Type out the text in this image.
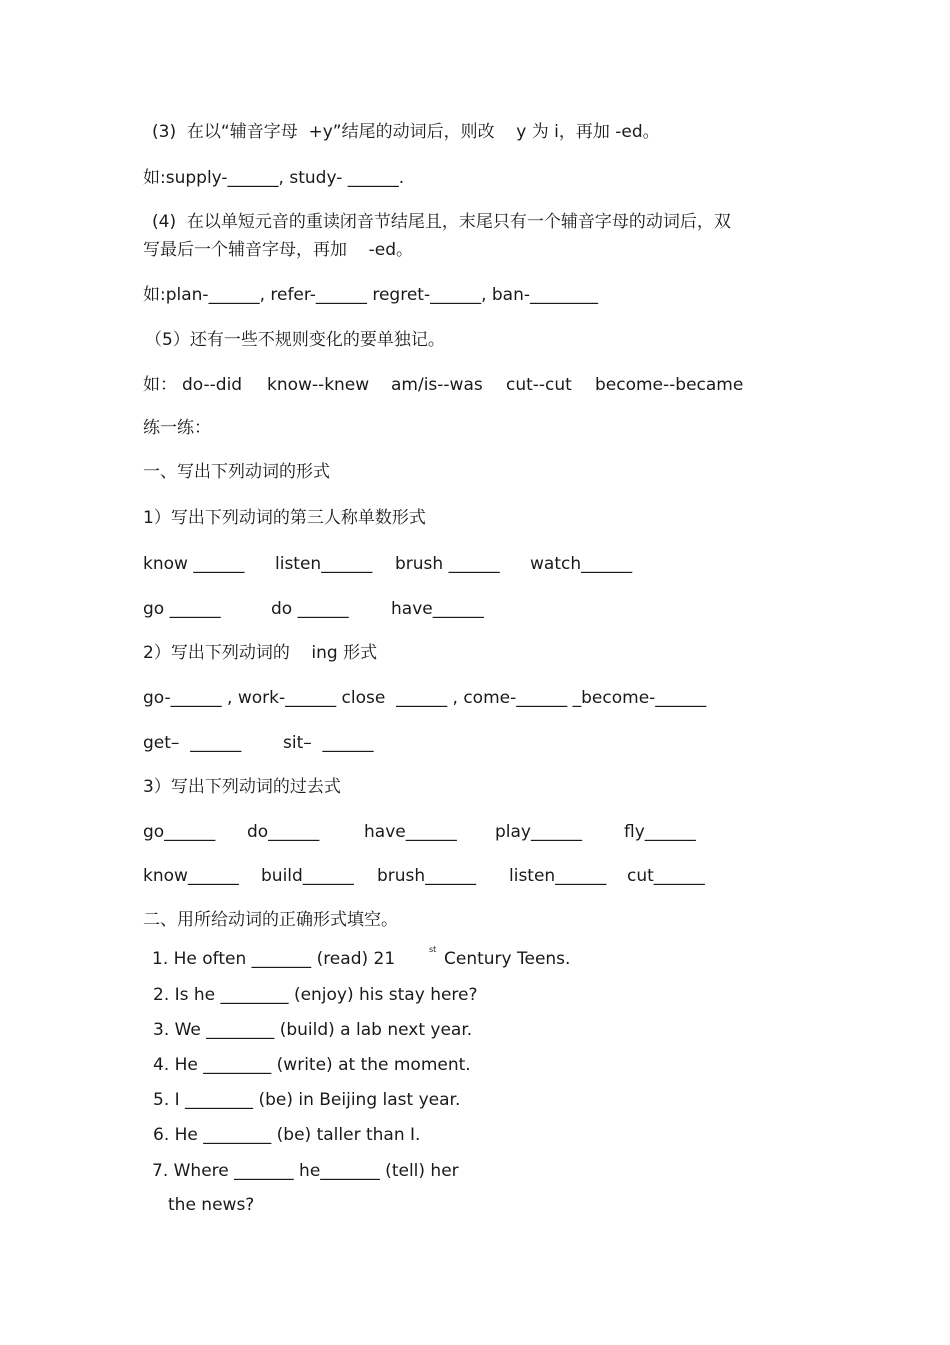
(3)  在以“辅音字母  +y”结尾的动词后，则改    y 为 i，再加 -ed。
如:supply-______, study- ______.
(4)  在以单短元音的重读闭音节结尾且，末尾只有一个辅音字母的动词后，双
写最后一个辅音字母，再加    -ed。
如:plan-______, refer-______ regret-______, ban-________
（5）还有一些不规则变化的要单独记。
如： do--did know--knew am/is--was cut--cut become--became
练一练：
一、写出下列动词的形式
1）写出下列动词的第三人称单数形式
know ______ listen______ brush ______ watch______
go ______	do ______ have______
2）写出下列动词的    ing 形式
go-______ , work-______ close  ______ , come-______ _become-______
get–  ______ sit–  ______
3）写出下列动词的过去式
go______ do______	have______ play______ fly______
know______ build______ brush______ listen______ cut______
二、用所给动词的正确形式填空。
1. He often _______ (read) 21	st Century Teens.
2. Is he ________ (enjoy) his stay here?
3. We ________ (build) a lab next year.
4. He ________ (write) at the moment.
5. I ________ (be) in Beijing last year.
6. He ________ (be) taller than I.
7. Where _______ he_______ (tell) her
the news?
